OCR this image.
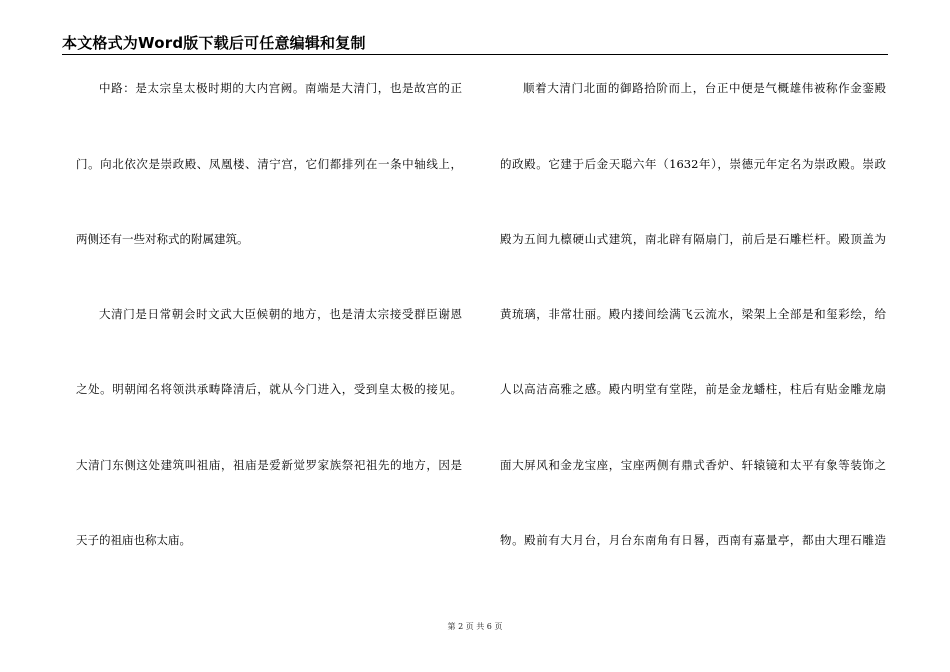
本文格式为Word版下载后可任意编辑和复制
中路：是太宗皇太极时期的大内宫阙。南端是大清门，也是故宫的正
门。向北依次是崇政殿、凤凰楼、清宁宫，它们都排列在一条中轴线上，
两侧还有一些对称式的附属建筑。
大清门是日常朝会时文武大臣候朝的地方，也是清太宗接受群臣谢恩
之处。明朝闻名将领洪承畴降清后，就从今门进入，受到皇太极的接见。
大清门东侧这处建筑叫祖庙，祖庙是爱新觉罗家族祭祀祖先的地方，因是
天子的祖庙也称太庙。
顺着大清门北面的御路拾阶而上，台正中便是气概雄伟被称作金銮殿
的政殿。它建于后金天聪六年（1632年），崇德元年定名为崇政殿。崇政
殿为五间九檩硬山式建筑，南北辟有隔扇门，前后是石雕栏杆。殿顶盖为
黄琉璃，非常壮丽。殿内搂间绘满飞云流水，梁架上全部是和玺彩绘，给
人以高洁高雅之感。殿内明堂有堂陛，前是金龙蟠柱，柱后有贴金雕龙扇
面大屏风和金龙宝座，宝座两侧有鼎式香炉、轩辕镜和太平有象等装饰之
物。殿前有大月台，月台东南角有日晷，西南有嘉量亭，都由大理石雕造
第 2 页 共 6 页
